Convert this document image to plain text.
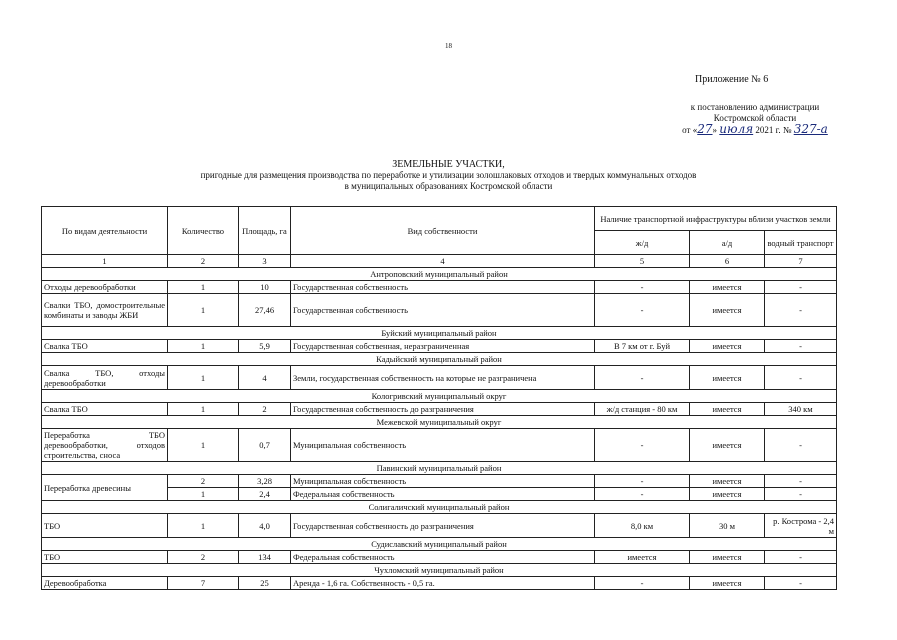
18
Приложение № 6
к постановлению администрации
Костромской области
от «27» июля 2021 г. № 327-а
ЗЕМЕЛЬНЫЕ УЧАСТКИ,
пригодные для размещения производства по переработке и утилизации золошлаковых отходов и твердых коммунальных отходов
в муниципальных образованиях Костромской области
По видам деятельности	Количество	Площадь, га	Вид собственности	Наличие транспортной инфраструктуры вблизи участков земли		
				ж/д	а/д	водный транспорт
1	2	3	4	5	6	7
Антроповский муниципальный район						
Отходы деревообработки	1	10	Государственная собственность	-	имеется	-
Свалки ТБО, домостроительные комбинаты и заводы ЖБИ	1	27,46	Государственная собственность	-	имеется	-
Буйский муниципальный район						
Свалка ТБО	1	5,9	Государственная собственная, неразграниченная	В 7 км от г. Буй	имеется	-
Кадыйский муниципальный район						
Свалка ТБО, отходы деревообработки	1	4	Земли, государственная собственность на которые не разграничена	-	имеется	-
Кологривский муниципальный округ						
Свалка ТБО	1	2	Государственная собственность до разграничения	ж/д станция - 80 км	имеется	340 км
Межевской муниципальный округ						
Переработка ТБО деревообработки, отходов строительства, сноса	1	0,7	Муниципальная собственность	-	имеется	-
Павинский муниципальный район						
Переработка древесины	2	3,28	Муниципальная собственность	-	имеется	-
	1	2,4	Федеральная собственность	-	имеется	-
Солигаличский муниципальный район						
ТБО	1	4,0	Государственная собственность до разграничения	8,0 км	30 м	р. Кострома - 2,4 м
Судиславский муниципальный район						
ТБО	2	134	Федеральная собственность	имеется	имеется	-
Чухломский муниципальный район						
Деревообработка	7	25	Аренда - 1,6 га. Собственность - 0,5 га.	-	имеется	-
